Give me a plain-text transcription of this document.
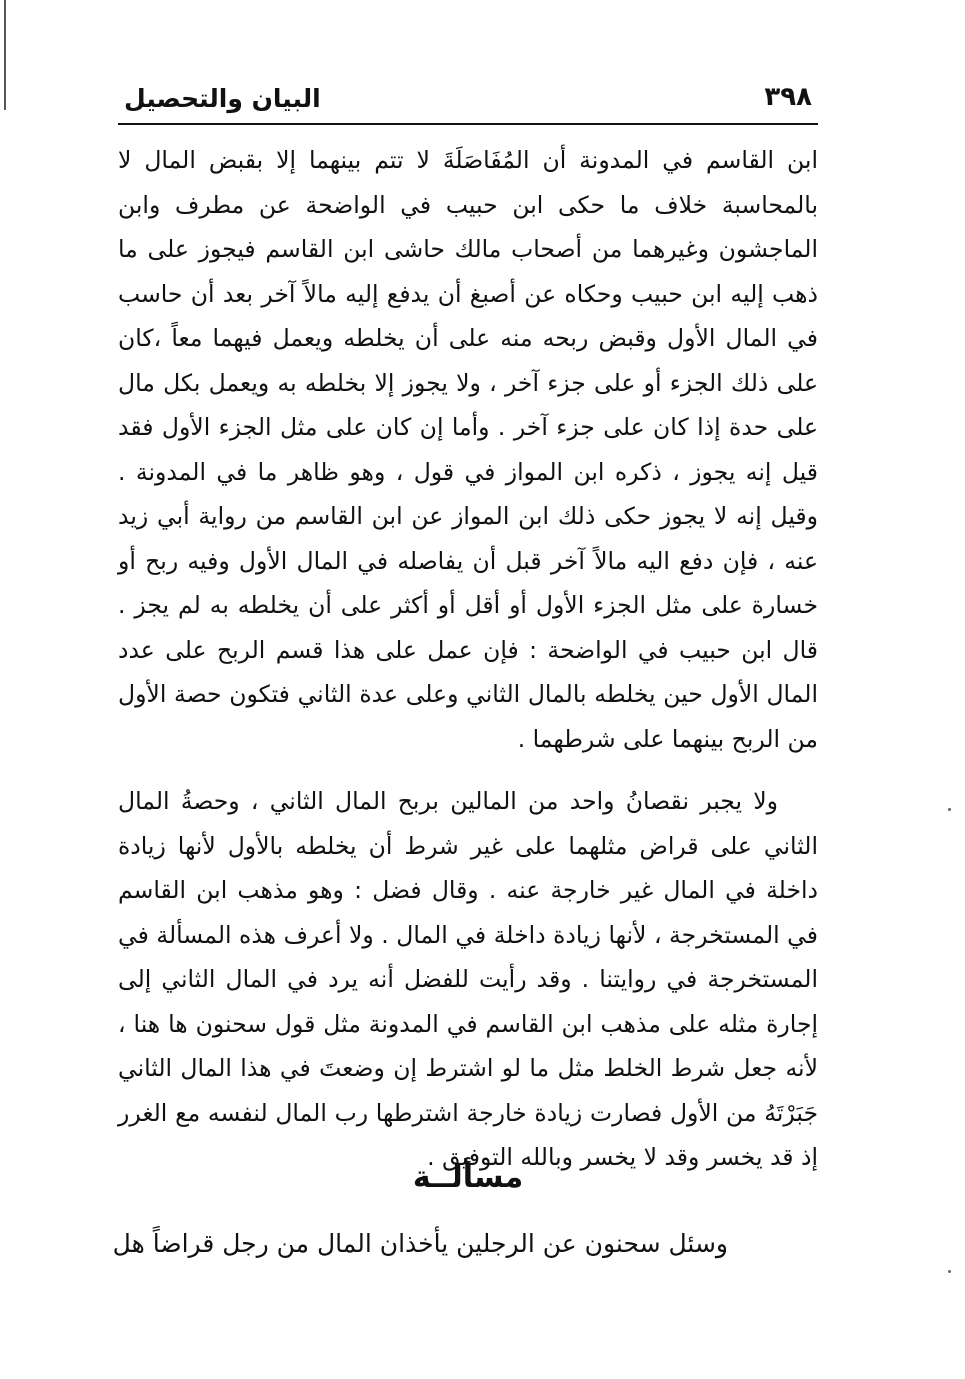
البيان والتحصيل	٣٩٨

ابن القاسم في المدونة أن المُفَاصَلَةَ لا تتم بينهما إلا بقبض المال لا بالمحاسبة خلاف ما حكى ابن حبيب في الواضحة عن مطرف وابن الماجشون وغيرهما من أصحاب مالك حاشى ابن القاسم فيجوز على ما ذهب إليه ابن حبيب وحكاه عن أصبغ أن يدفع إليه مالاً آخر بعد أن حاسب في المال الأول وقبض ربحه منه على أن يخلطه ويعمل فيهما معاً ،كان على ذلك الجزء أو على جزء آخر ، ولا يجوز إلا بخلطه به ويعمل بكل مال على حدة إذا كان على جزء آخر . وأما إن كان على مثل الجزء الأول فقد قيل إنه يجوز ، ذكره ابن المواز في قول ، وهو ظاهر ما في المدونة . وقيل إنه لا يجوز حكى ذلك ابن المواز عن ابن القاسم من رواية أبي زيد عنه ، فإن دفع اليه مالاً آخر قبل أن يفاصله في المال الأول وفيه ربح أو خسارة على مثل الجزء الأول أو أقل أو أكثر على أن يخلطه به لم يجز . قال ابن حبيب في الواضحة : فإن عمل على هذا قسم الربح على عدد المال الأول حين يخلطه بالمال الثاني وعلى عدة الثاني فتكون حصة الأول من الربح بينهما على شرطهما .

ولا يجبر نقصانُ واحد من المالين بربح المال الثاني ، وحصةُ المال الثاني على قراض مثلهما على غير شرط أن يخلطه بالأول لأنها زيادة داخلة في المال غير خارجة عنه . وقال فضل : وهو مذهب ابن القاسم في المستخرجة ، لأنها زيادة داخلة في المال . ولا أعرف هذه المسألة في المستخرجة في روايتنا . وقد رأيت للفضل أنه يرد في المال الثاني إلى إجارة مثله على مذهب ابن القاسم في المدونة مثل قول سحنون ها هنا ، لأنه جعل شرط الخلط مثل ما لو اشترط إن وضعتَ في هذا المال الثاني جَبَرْتَهُ من الأول فصارت زيادة خارجة اشترطها رب المال لنفسه مع الغرر إذ قد يخسر وقد لا يخسر وبالله التوفيق .

مسألــة
وسئل سحنون عن الرجلين يأخذان المال من رجل قراضاً هل
